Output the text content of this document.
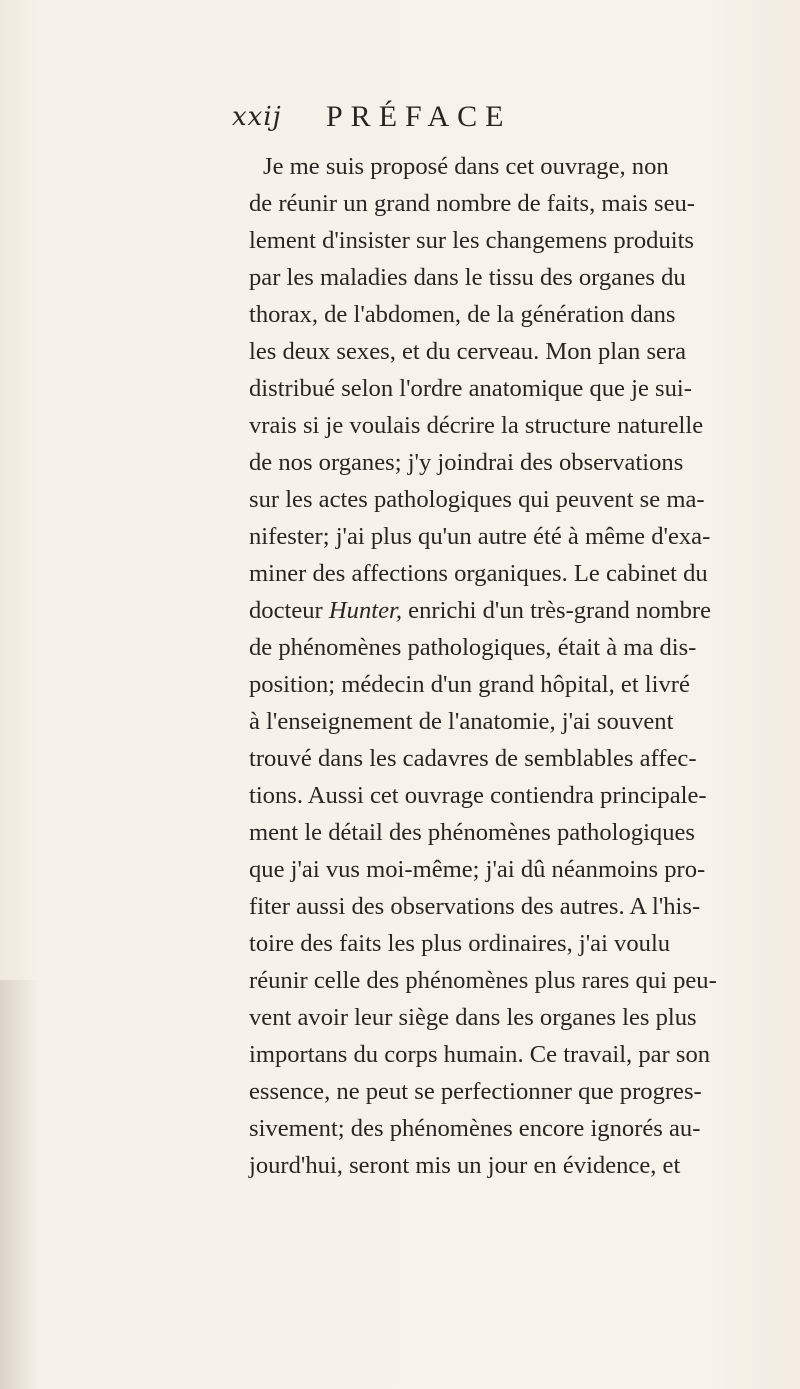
xxij PRÉFACE
Je me suis proposé dans cet ouvrage, non
de réunir un grand nombre de faits, mais seu-
lement d'insister sur les changemens produits
par les maladies dans le tissu des organes du
thorax, de l'abdomen, de la génération dans
les deux sexes, et du cerveau. Mon plan sera
distribué selon l'ordre anatomique que je sui-
vrais si je voulais décrire la structure naturelle
de nos organes; j'y joindrai des observations
sur les actes pathologiques qui peuvent se ma-
nifester; j'ai plus qu'un autre été à même d'exa-
miner des affections organiques. Le cabinet du
docteur Hunter, enrichi d'un très-grand nombre
de phénomènes pathologiques, était à ma dis-
position; médecin d'un grand hôpital, et livré
à l'enseignement de l'anatomie, j'ai souvent
trouvé dans les cadavres de semblables affec-
tions. Aussi cet ouvrage contiendra principale-
ment le détail des phénomènes pathologiques
que j'ai vus moi-même; j'ai dû néanmoins pro-
fiter aussi des observations des autres. A l'his-
toire des faits les plus ordinaires, j'ai voulu
réunir celle des phénomènes plus rares qui peu-
vent avoir leur siège dans les organes les plus
importans du corps humain. Ce travail, par son
essence, ne peut se perfectionner que progres-
sivement; des phénomènes encore ignorés au-
jourd'hui, seront mis un jour en évidence, et
